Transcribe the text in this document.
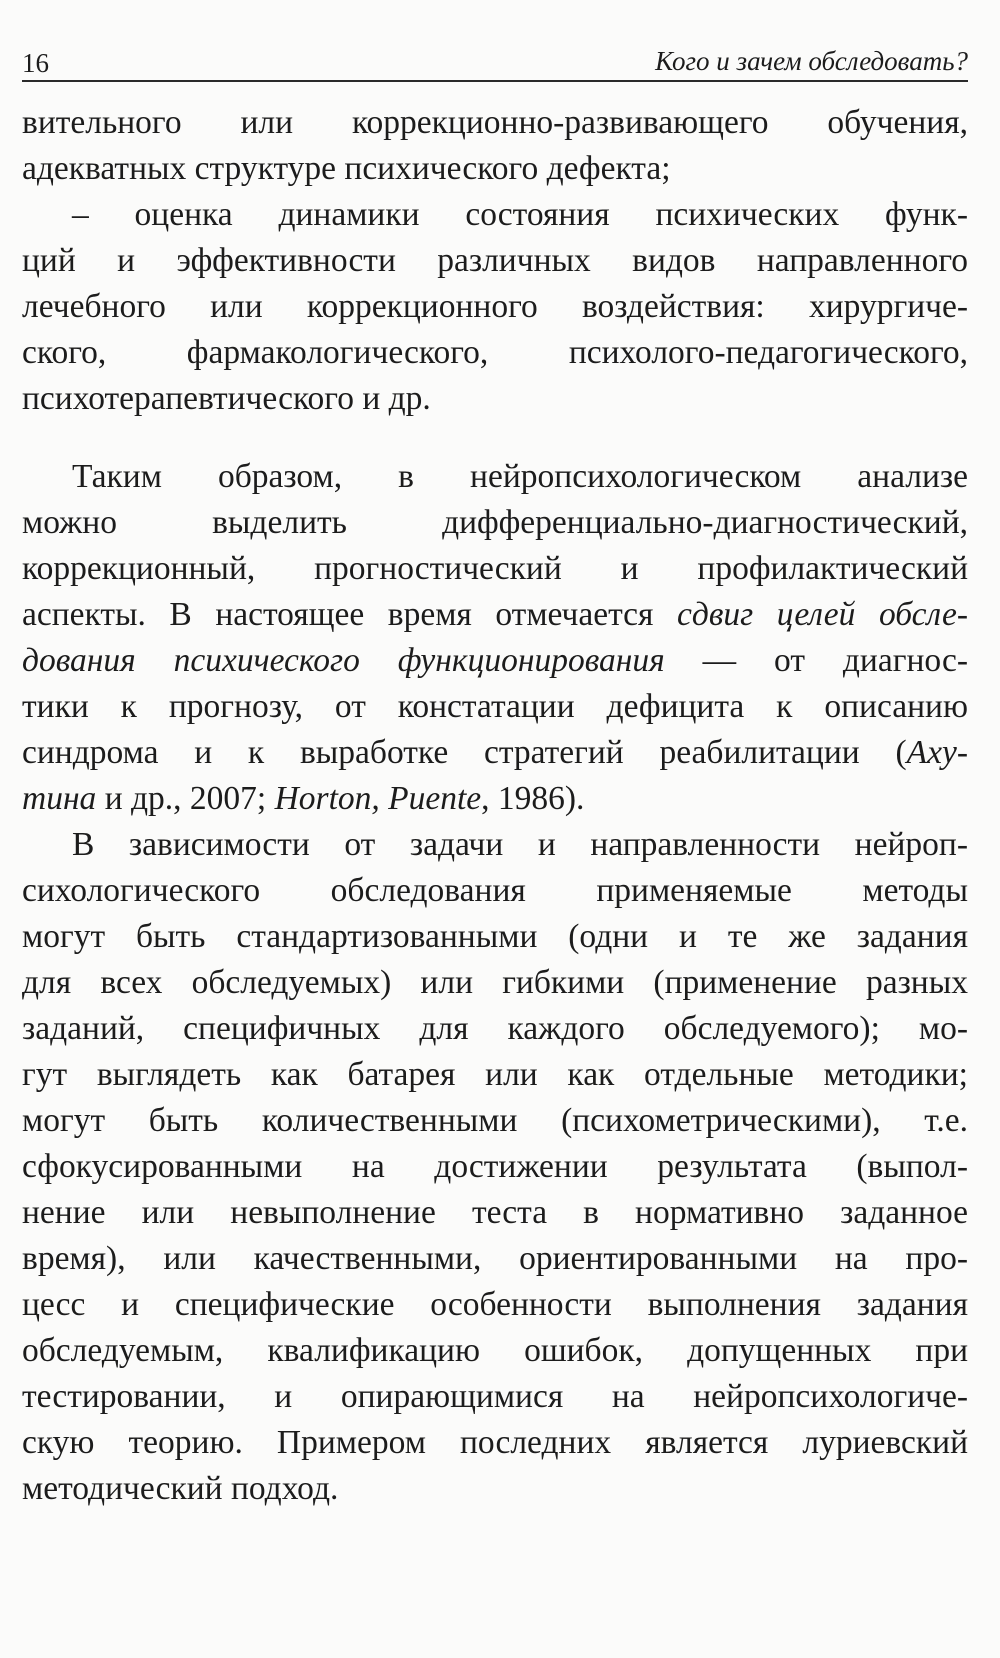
16	Кого и зачем обследовать?
вительного или коррекционно-развивающего обучения,
адекватных структуре психического дефекта;
– оценка динамики состояния психических функ-
ций и эффективности различных видов направленного
лечебного или коррекционного воздействия: хирургиче-
ского, фармакологического, психолого-педагогического,
психотерапевтического и др.
Таким образом, в нейропсихологическом анализе
можно выделить дифференциально-диагностический,
коррекционный, прогностический и профилактический
аспекты. В настоящее время отмечается сдвиг целей обсле-
дования психического функционирования — от диагнос-
тики к прогнозу, от констатации дефицита к описанию
синдрома и к выработке стратегий реабилитации (Аху-
тина и др., 2007; Horton, Puente, 1986).
В зависимости от задачи и направленности нейроп-
сихологического обследования применяемые методы
могут быть стандартизованными (одни и те же задания
для всех обследуемых) или гибкими (применение разных
заданий, специфичных для каждого обследуемого); мо-
гут выглядеть как батарея или как отдельные методики;
могут быть количественными (психометрическими), т.е.
сфокусированными на достижении результата (выпол-
нение или невыполнение теста в нормативно заданное
время), или качественными, ориентированными на про-
цесс и специфические особенности выполнения задания
обследуемым, квалификацию ошибок, допущенных при
тестировании, и опирающимися на нейропсихологиче-
скую теорию. Примером последних является луриевский
методический подход.
